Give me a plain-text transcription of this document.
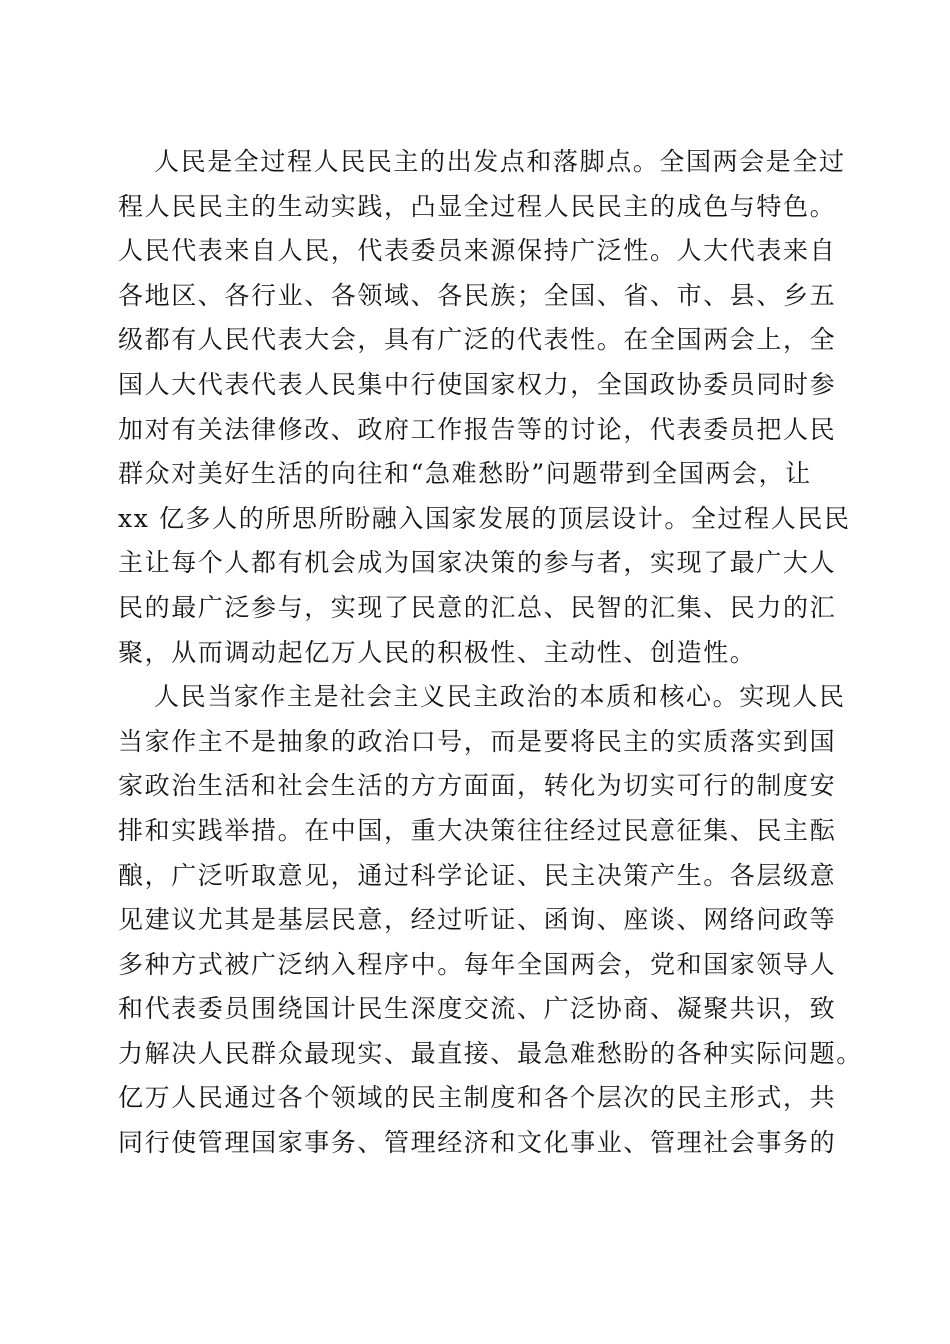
人民是全过程人民民主的出发点和落脚点。全国两会是全过
程人民民主的生动实践，凸显全过程人民民主的成色与特色。
人民代表来自人民，代表委员来源保持广泛性。人大代表来自
各地区、各行业、各领域、各民族；全国、省、市、县、乡五
级都有人民代表大会，具有广泛的代表性。在全国两会上，全
国人大代表代表人民集中行使国家权力，全国政协委员同时参
加对有关法律修改、政府工作报告等的讨论，代表委员把人民
群众对美好生活的向往和“急难愁盼”问题带到全国两会，让
xx 亿多人的所思所盼融入国家发展的顶层设计。全过程人民民
主让每个人都有机会成为国家决策的参与者，实现了最广大人
民的最广泛参与，实现了民意的汇总、民智的汇集、民力的汇
聚，从而调动起亿万人民的积极性、主动性、创造性。
人民当家作主是社会主义民主政治的本质和核心。实现人民
当家作主不是抽象的政治口号，而是要将民主的实质落实到国
家政治生活和社会生活的方方面面，转化为切实可行的制度安
排和实践举措。在中国，重大决策往往经过民意征集、民主酝
酿，广泛听取意见，通过科学论证、民主决策产生。各层级意
见建议尤其是基层民意，经过听证、函询、座谈、网络问政等
多种方式被广泛纳入程序中。每年全国两会，党和国家领导人
和代表委员围绕国计民生深度交流、广泛协商、凝聚共识，致
力解决人民群众最现实、最直接、最急难愁盼的各种实际问题。
亿万人民通过各个领域的民主制度和各个层次的民主形式，共
同行使管理国家事务、管理经济和文化事业、管理社会事务的
